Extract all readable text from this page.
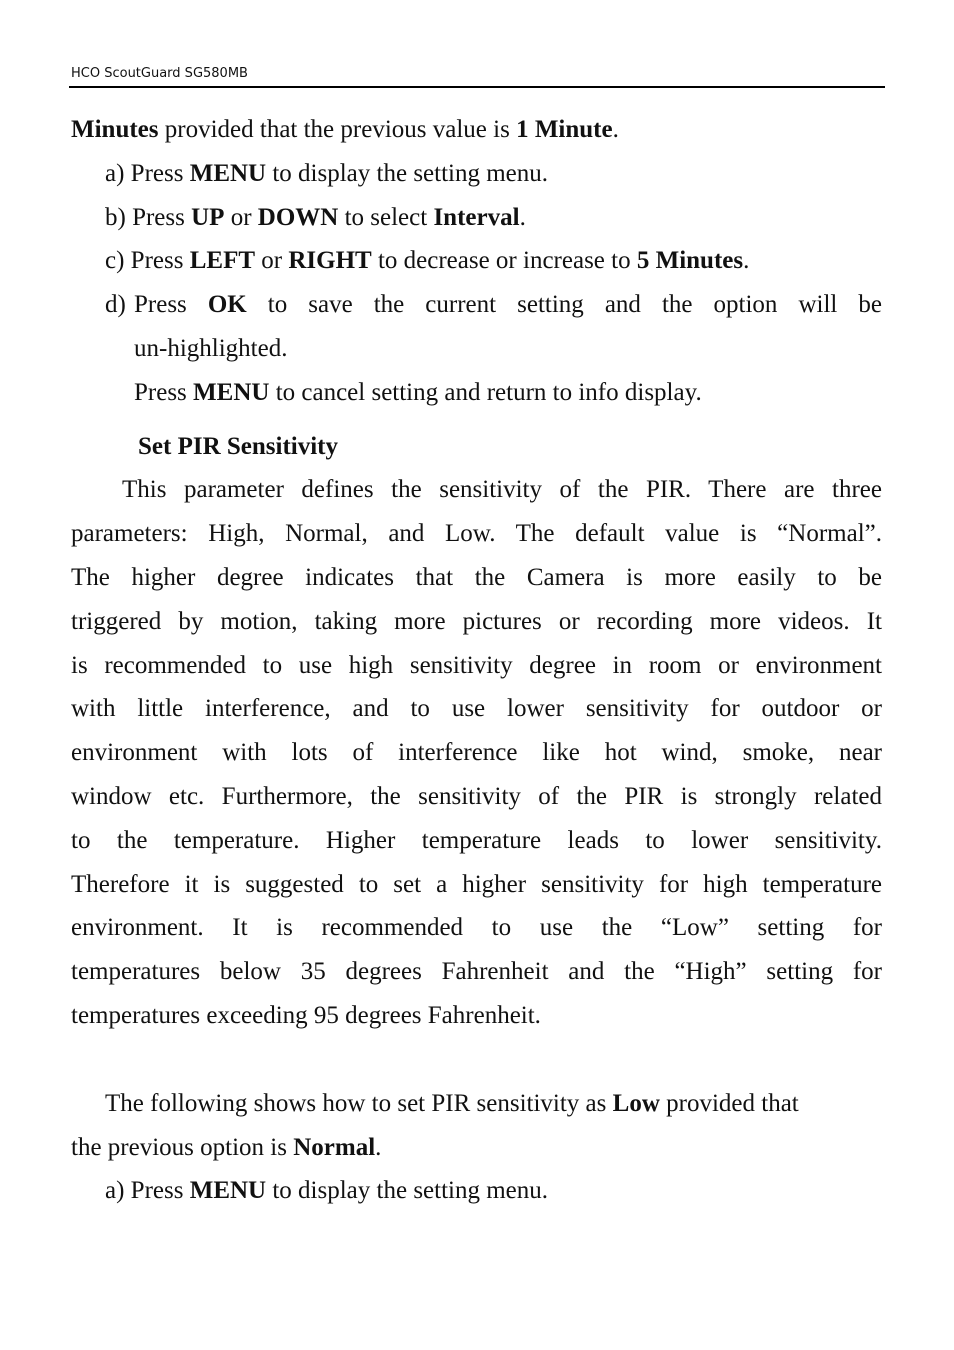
HCO ScoutGuard SG580MB
Minutes provided that the previous value is 1 Minute.
a) Press MENU to display the setting menu.
b) Press UP or DOWN to select Interval.
c) Press LEFT or RIGHT to decrease or increase to 5 Minutes.
d) Press OK to save the current setting and the option will be
un-highlighted.
Press MENU to cancel setting and return to info display.
Set PIR Sensitivity
This parameter defines the sensitivity of the PIR. There are three
parameters: High, Normal, and Low. The default value is “Normal”.
The higher degree indicates that the Camera is more easily to be
triggered by motion, taking more pictures or recording more videos. It
is recommended to use high sensitivity degree in room or environment
with little interference, and to use lower sensitivity for outdoor or
environment with lots of interference like hot wind, smoke, near
window etc. Furthermore, the sensitivity of the PIR is strongly related
to the temperature. Higher temperature leads to lower sensitivity.
Therefore it is suggested to set a higher sensitivity for high temperature
environment. It is recommended to use the “Low” setting for
temperatures below 35 degrees Fahrenheit and the “High” setting for
temperatures exceeding 95 degrees Fahrenheit.
The following shows how to set PIR sensitivity as Low provided that
the previous option is Normal.
a) Press MENU to display the setting menu.
